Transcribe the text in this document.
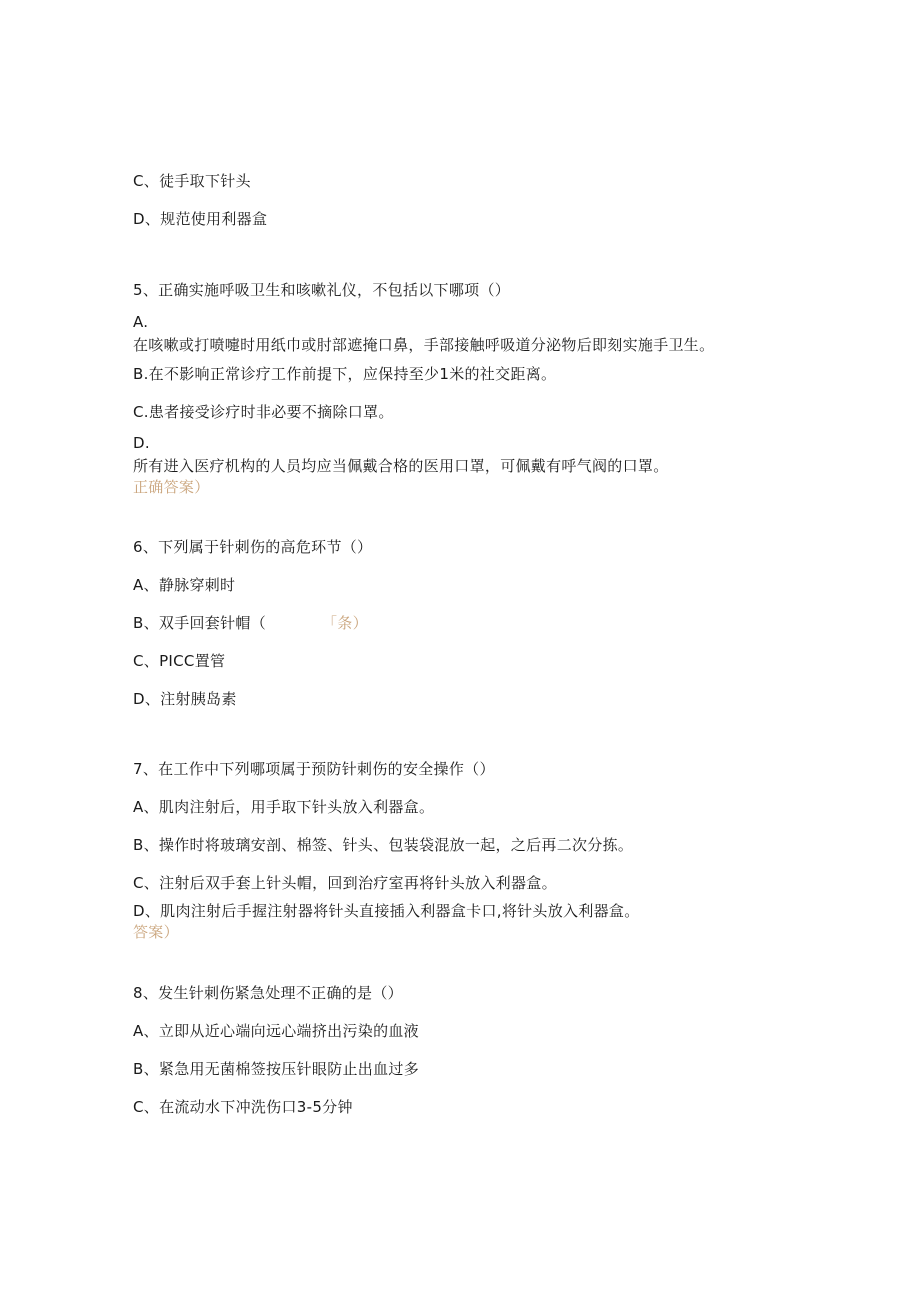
C、徒手取下针头
D、规范使用利器盒
5、正确实施呼吸卫生和咳嗽礼仪，不包括以下哪项（）
A.
在咳嗽或打喷嚏时用纸巾或肘部遮掩口鼻，手部接触呼吸道分泌物后即刻实施手卫生。
B.在不影响正常诊疗工作前提下，应保持至少1米的社交距离。
C.患者接受诊疗时非必要不摘除口罩。
D.
所有进入医疗机构的人员均应当佩戴合格的医用口罩，可佩戴有呼气阀的口罩。
正确答案）
6、下列属于针刺伤的高危环节（）
A、静脉穿刺时
B、双手回套针帽（	「条）
C、PICC置管
D、注射胰岛素
7、在工作中下列哪项属于预防针刺伤的安全操作（）
A、肌肉注射后，用手取下针头放入利器盒。
B、操作时将玻璃安剖、棉签、针头、包装袋混放一起，之后再二次分拣。
C、注射后双手套上针头帽，回到治疗室再将针头放入利器盒。
D、肌肉注射后手握注射器将针头直接插入利器盒卡口,将针头放入利器盒。
答案）
8、发生针刺伤紧急处理不正确的是（）
A、立即从近心端向远心端挤出污染的血液
B、紧急用无菌棉签按压针眼防止出血过多
C、在流动水下冲洗伤口3-5分钟
